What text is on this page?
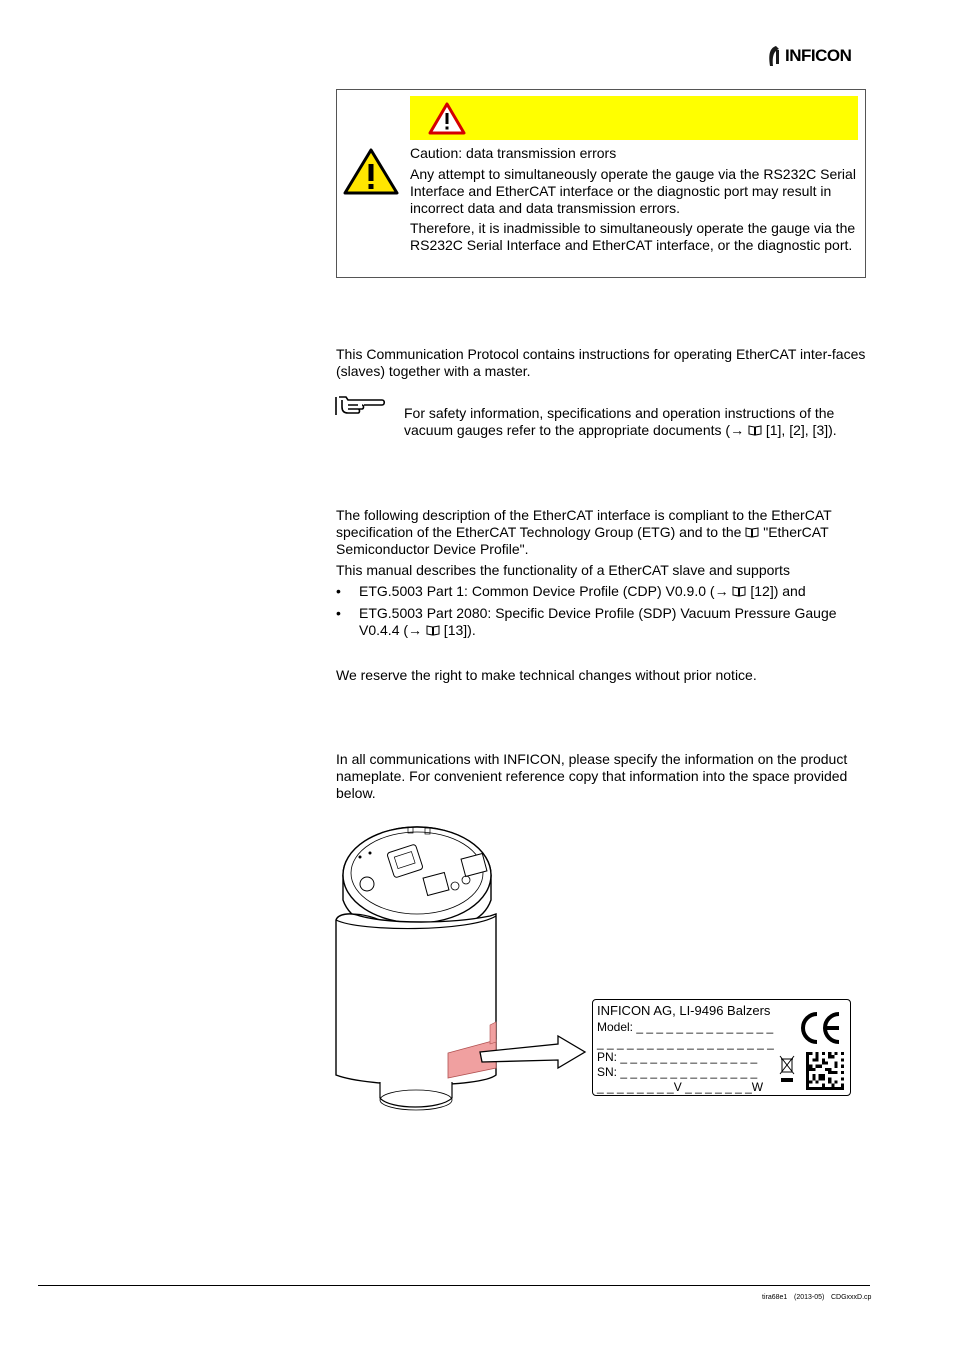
INFICON

Caution: data transmission errors

Any attempt to simultaneously operate the gauge via the RS232C Serial Interface and EtherCAT interface or the diagnostic port may result in incorrect data and data transmission errors.

Therefore, it is inadmissible to simultaneously operate the gauge via the RS232C Serial Interface and EtherCAT interface, or the diagnostic port.

This Communication Protocol contains instructions for operating EtherCAT inter-faces (slaves) together with a master.

For safety information, specifications and operation instructions of the vacuum gauges refer to the appropriate documents (→  [1], [2], [3]).

The following description of the EtherCAT interface is compliant to the EtherCAT specification of the EtherCAT Technology Group (ETG) and to the  "EtherCAT Semiconductor Device Profile".

This manual describes the functionality of a EtherCAT slave and supports

• ETG.5003 Part 1: Common Device Profile (CDP) V0.9.0 (→  [12]) and
• ETG.5003 Part 2080: Specific Device Profile (SDP) Vacuum Pressure Gauge V0.4.4 (→  [13]).

We reserve the right to make technical changes without prior notice.

In all communications with INFICON, please specify the information on the product nameplate. For convenient reference copy that information into the space provided below.

INFICON AG, LI-9496 Balzers
Model: _ _ _ _ _ _ _ _ _ _ _ _ _ _
_ _ _ _ _ _ _ _ _ _ _ _ _ _ _ _ _ _
PN: _ _ _ _ _ _ _ _ _ _ _ _ _ _
SN: _ _ _ _ _ _ _ _ _ _ _ _ _ _
_ _ _ _ _ _ _ _V _ _ _ _ _ _ _W
tira68e1 (2013-05) CDGxxxD.cp
